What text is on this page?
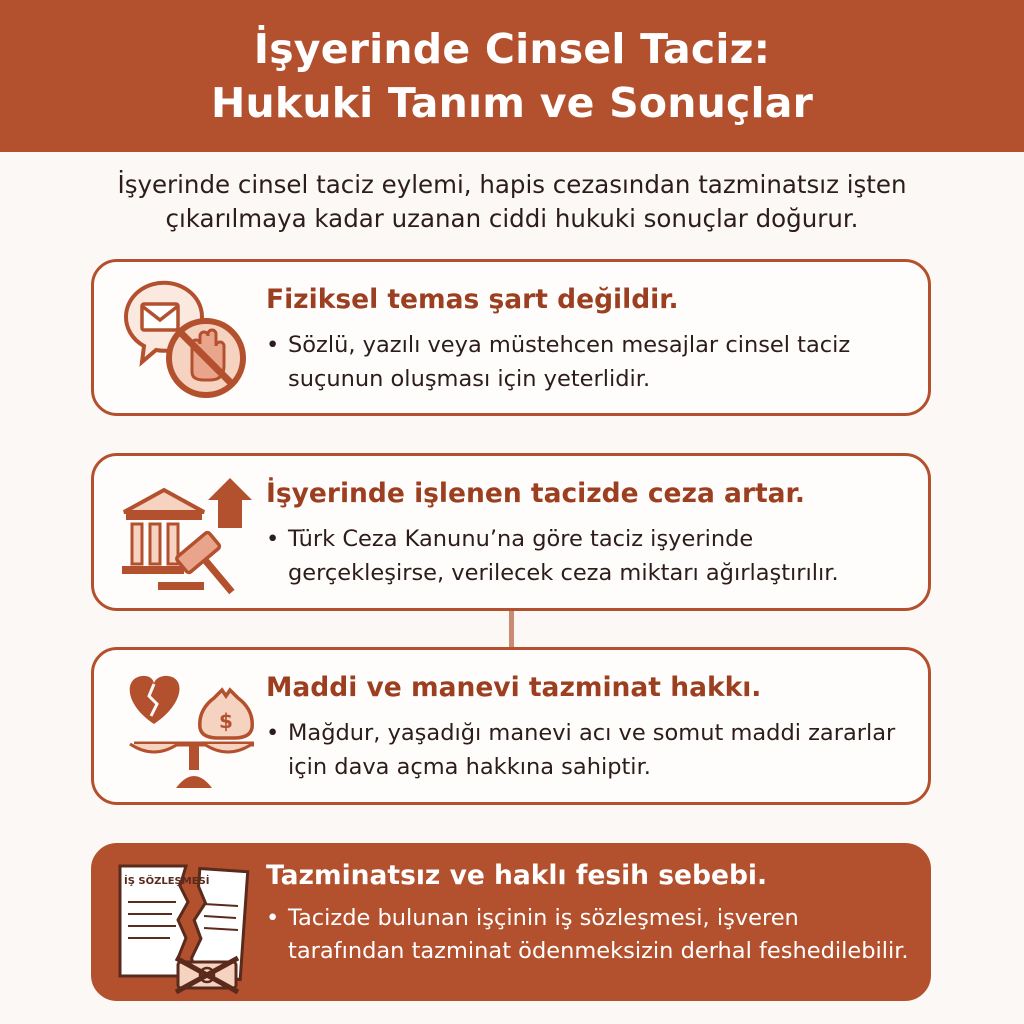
İşyerinde Cinsel Taciz:
Hukuki Tanım ve Sonuçlar
İşyerinde cinsel taciz eylemi, hapis cezasından tazminatsız işten çıkarılmaya kadar uzanan ciddi hukuki sonuçlar doğurur.
Fiziksel temas şart değildir.
• Sözlü, yazılı veya müstehcen mesajlar cinsel taciz suçunun oluşması için yeterlidir.
İşyerinde işlenen tacizde ceza artar.
• Türk Ceza Kanunu’na göre taciz işyerinde gerçekleşirse, verilecek ceza miktarı ağırlaştırılır.
$
Maddi ve manevi tazminat hakkı.
• Mağdur, yaşadığı manevi acı ve somut maddi zararlar için dava açma hakkına sahiptir.
İŞ SÖZLEŞMESİ Tazminatsız ve haklı fesih sebebi.
• Tacizde bulunan işçinin iş sözleşmesi, işveren tarafından tazminat ödenmeksizin derhal feshedilebilir.
